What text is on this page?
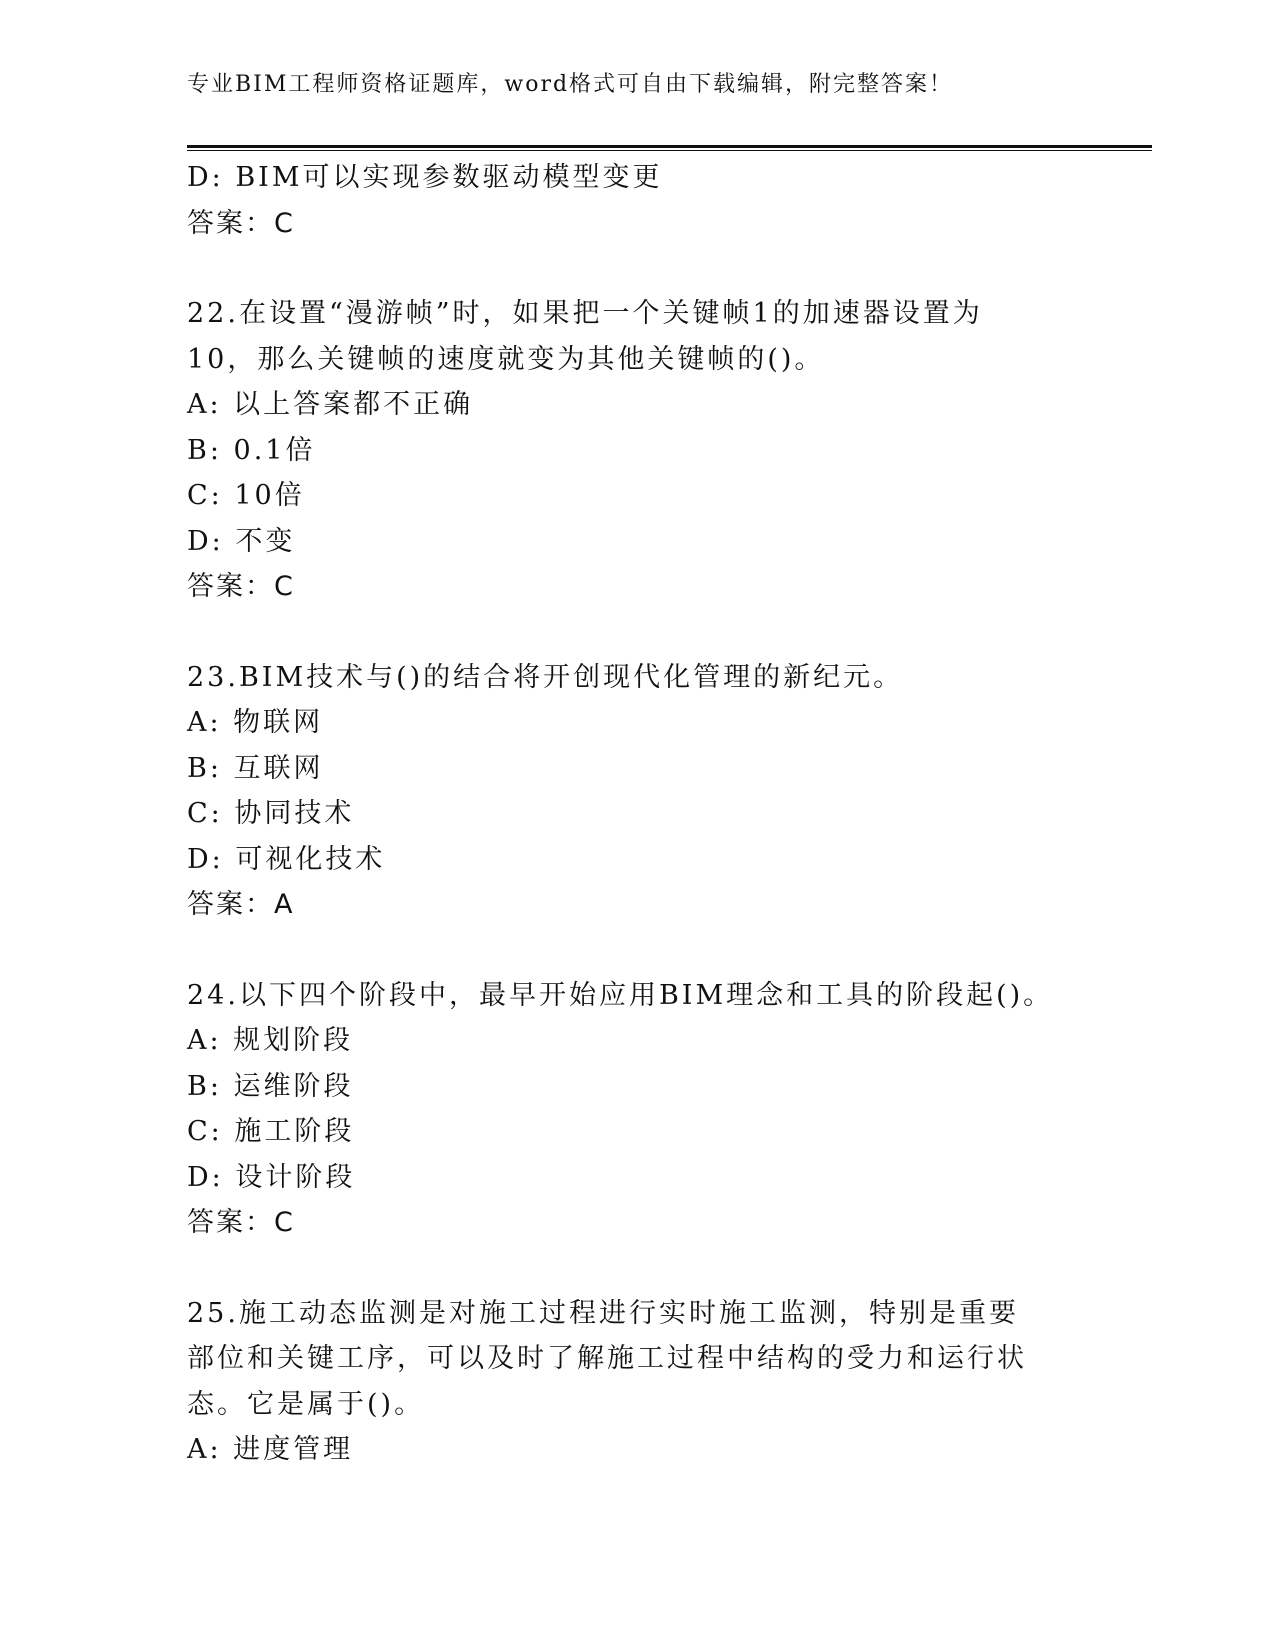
专业BIM工程师资格证题库，word格式可自由下载编辑，附完整答案！
D: BIM可以实现参数驱动模型变更
答案：C
22.在设置“漫游帧”时，如果把一个关键帧1的加速器设置为10，那么关键帧的速度就变为其他关键帧的()。
A: 以上答案都不正确
B: 0.1倍
C: 10倍
D: 不变
答案：C
23.BIM技术与()的结合将开创现代化管理的新纪元。
A: 物联网
B: 互联网
C: 协同技术
D: 可视化技术
答案：A
24.以下四个阶段中，最早开始应用BIM理念和工具的阶段起()。
A: 规划阶段
B: 运维阶段
C: 施工阶段
D: 设计阶段
答案：C
25.施工动态监测是对施工过程进行实时施工监测，特别是重要部位和关键工序，可以及时了解施工过程中结构的受力和运行状态。它是属于()。
A: 进度管理
